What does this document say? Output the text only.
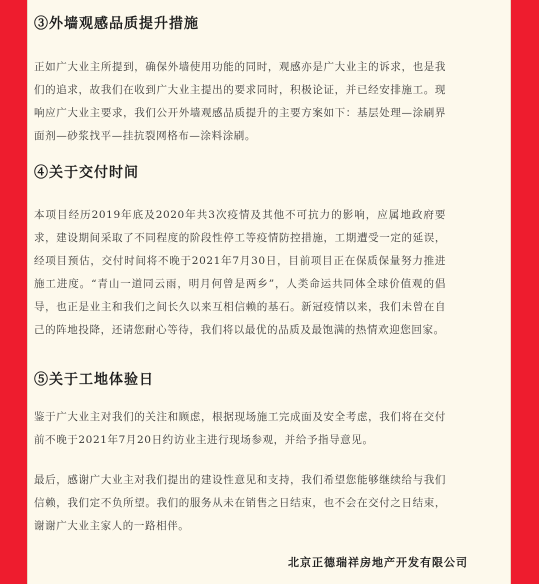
③外墙观感品质提升措施
正如广大业主所提到，确保外墙使用功能的同时，观感亦是广大业主的诉求，也是我们的追求，故我们在收到广大业主提出的要求同时，积极论证，并已经安排施工。现响应广大业主要求，我们公开外墙观感品质提升的主要方案如下：基层处理—涂刷界面剂—砂浆找平—挂抗裂网格布—涂料涂刷。
④关于交付时间
本项目经历2019年底及2020年共3次疫情及其他不可抗力的影响，应属地政府要求，建设期间采取了不同程度的阶段性停工等疫情防控措施，工期遭受一定的延误，经项目预估，交付时间将不晚于2021年7月30日，目前项目正在保质保量努力推进施工进度。“青山一道同云雨，明月何曾是两乡”，人类命运共同体全球价值观的倡导，也正是业主和我们之间长久以来互相信赖的基石。新冠疫情以来，我们未曾在自己的阵地投降，还请您耐心等待，我们将以最优的品质及最饱满的热情欢迎您回家。
⑤关于工地体验日
鉴于广大业主对我们的关注和顾虑，根据现场施工完成面及安全考虑，我们将在交付前不晚于2021年7月20日约访业主进行现场参观，并给予指导意见。
最后，感谢广大业主对我们提出的建设性意见和支持，我们希望您能够继续给与我们信赖，我们定不负所望。我们的服务从未在销售之日结束，也不会在交付之日结束，谢谢广大业主家人的一路相伴。
北京正德瑞祥房地产开发有限公司
